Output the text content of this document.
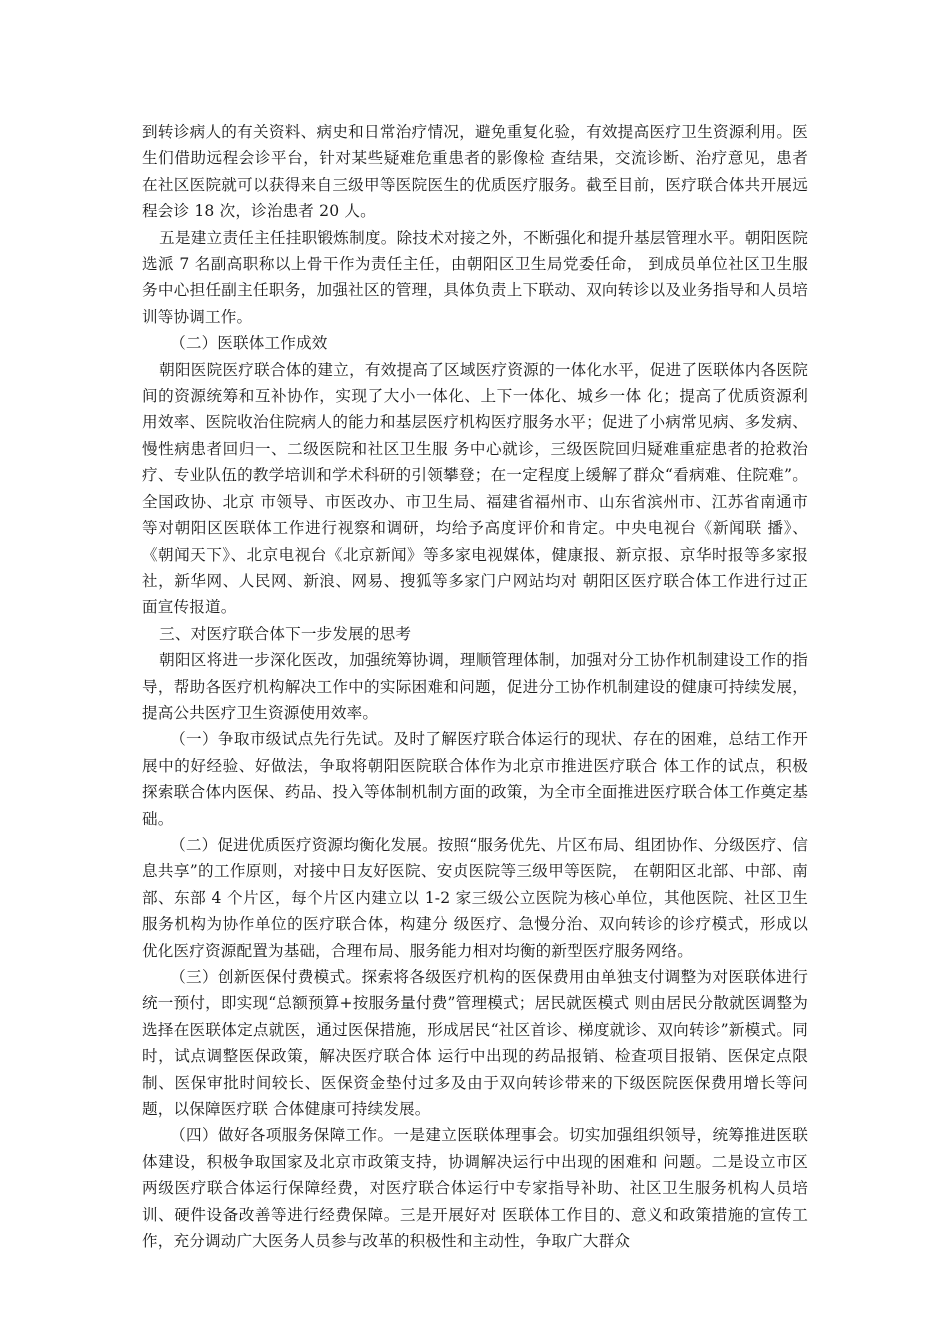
到转诊病人的有关资料、病史和日常治疗情况，避免重复化验，有效提高医疗卫生资源利用。医生们借助远程会诊平台，针对某些疑难危重患者的影像检 查结果，交流诊断、治疗意见，患者在社区医院就可以获得来自三级甲等医院医生的优质医疗服务。截至目前，医疗联合体共开展远程会诊 18 次，诊治患者 20 人。

五是建立责任主任挂职锻炼制度。除技术对接之外，不断强化和提升基层管理水平。朝阳医院选派 7 名副高职称以上骨干作为责任主任，由朝阳区卫生局党委任命， 到成员单位社区卫生服务中心担任副主任职务，加强社区的管理，具体负责上下联动、双向转诊以及业务指导和人员培训等协调工作。

（二）医联体工作成效

朝阳医院医疗联合体的建立，有效提高了区域医疗资源的一体化水平，促进了医联体内各医院间的资源统筹和互补协作，实现了大小一体化、上下一体化、城乡一体 化；提高了优质资源利用效率、医院收治住院病人的能力和基层医疗机构医疗服务水平；促进了小病常见病、多发病、慢性病患者回归一、二级医院和社区卫生服 务中心就诊，三级医院回归疑难重症患者的抢救治疗、专业队伍的教学培训和学术科研的引领攀登；在一定程度上缓解了群众“看病难、住院难”。全国政协、北京 市领导、市医改办、市卫生局、福建省福州市、山东省滨州市、江苏省南通市等对朝阳区医联体工作进行视察和调研，均给予高度评价和肯定。中央电视台《新闻联 播》、《朝闻天下》、北京电视台《北京新闻》等多家电视媒体，健康报、新京报、京华时报等多家报社，新华网、人民网、新浪、网易、搜狐等多家门户网站均对 朝阳区医疗联合体工作进行过正面宣传报道。

三、对医疗联合体下一步发展的思考

朝阳区将进一步深化医改，加强统筹协调，理顺管理体制，加强对分工协作机制建设工作的指导，帮助各医疗机构解决工作中的实际困难和问题，促进分工协作机制建设的健康可持续发展，提高公共医疗卫生资源使用效率。

（一）争取市级试点先行先试。及时了解医疗联合体运行的现状、存在的困难，总结工作开展中的好经验、好做法，争取将朝阳医院联合体作为北京市推进医疗联合 体工作的试点，积极探索联合体内医保、药品、投入等体制机制方面的政策，为全市全面推进医疗联合体工作奠定基础。

（二）促进优质医疗资源均衡化发展。按照“服务优先、片区布局、组团协作、分级医疗、信息共享”的工作原则，对接中日友好医院、安贞医院等三级甲等医院， 在朝阳区北部、中部、南部、东部 4 个片区，每个片区内建立以 1-2 家三级公立医院为核心单位，其他医院、社区卫生服务机构为协作单位的医疗联合体，构建分 级医疗、急慢分治、双向转诊的诊疗模式，形成以优化医疗资源配置为基础，合理布局、服务能力相对均衡的新型医疗服务网络。

（三）创新医保付费模式。探索将各级医疗机构的医保费用由单独支付调整为对医联体进行统一预付，即实现“总额预算+按服务量付费”管理模式；居民就医模式 则由居民分散就医调整为选择在医联体定点就医，通过医保措施，形成居民“社区首诊、梯度就诊、双向转诊”新模式。同时，试点调整医保政策，解决医疗联合体 运行中出现的药品报销、检查项目报销、医保定点限制、医保审批时间较长、医保资金垫付过多及由于双向转诊带来的下级医院医保费用增长等问题，以保障医疗联 合体健康可持续发展。

（四）做好各项服务保障工作。一是建立医联体理事会。切实加强组织领导，统筹推进医联体建设，积极争取国家及北京市政策支持，协调解决运行中出现的困难和 问题。二是设立市区两级医疗联合体运行保障经费，对医疗联合体运行中专家指导补助、社区卫生服务机构人员培训、硬件设备改善等进行经费保障。三是开展好对 医联体工作目的、意义和政策措施的宣传工作，充分调动广大医务人员参与改革的积极性和主动性，争取广大群众
